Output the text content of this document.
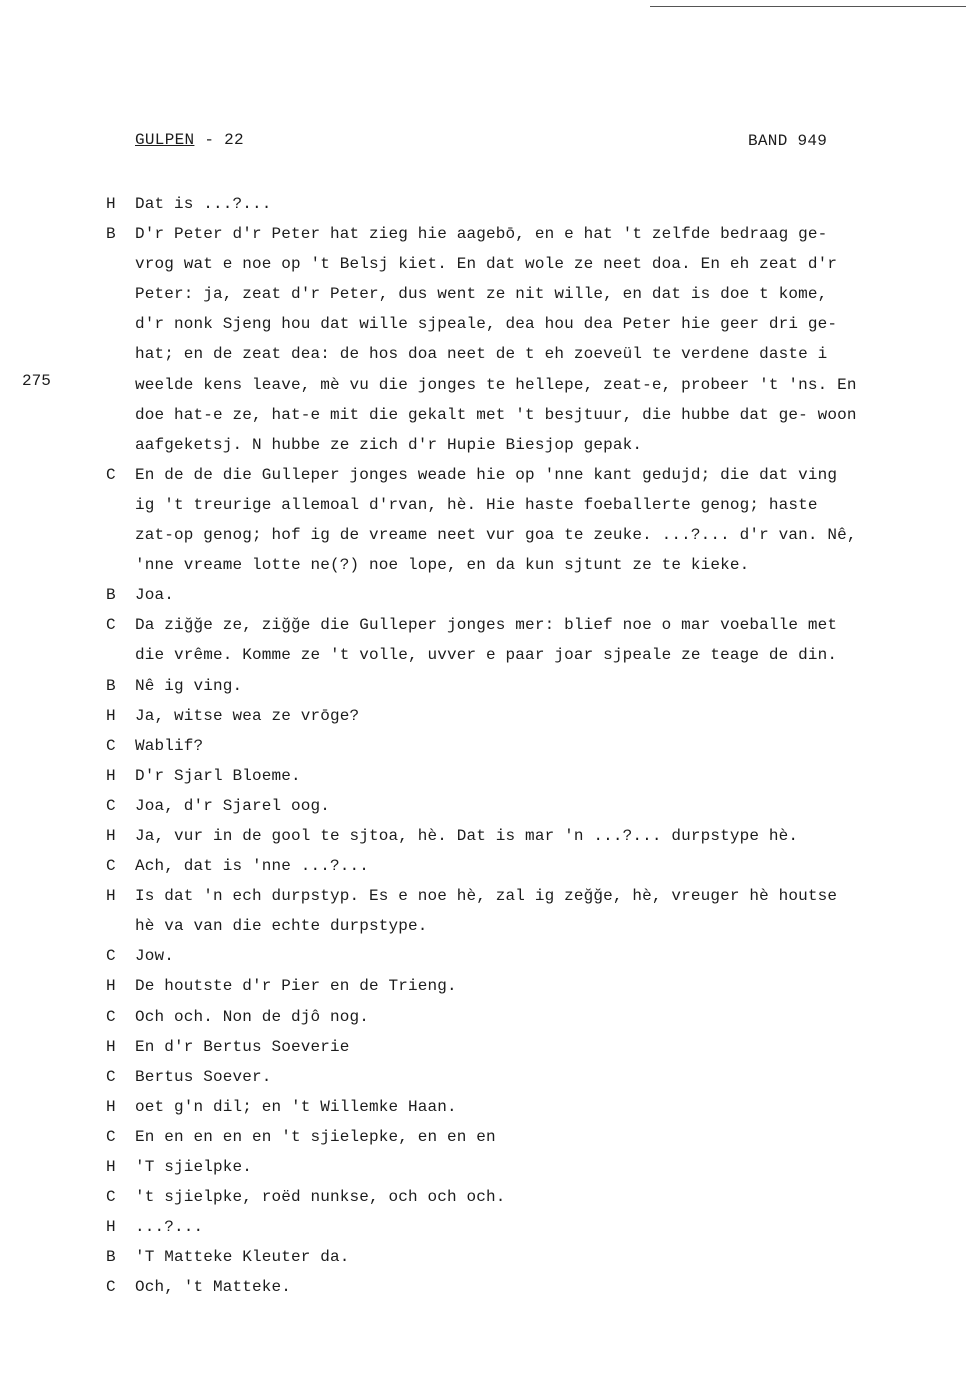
GULPEN - 22	BAND 949
275
H	Dat is ...?...
B	D'r Peter d'r Peter hat zieg hie aagebō, en e hat 't zelfde bedraag ge- vrog wat e noe op 't Belsj kiet. En dat wole ze neet doa. En eh zeat d'r Peter: ja, zeat d'r Peter, dus went ze nit wille, en dat is doe t kome, d'r nonk Sjeng hou dat wille sjpeale, dea hou dea Peter hie geer dri ge- hat; en de zeat dea: de hos doa neet de t eh zoeveül te verdene daste i weelde kens leave, mè vu die jonges te hellepe, zeat-e, probeer 't 'ns. En doe hat-e ze, hat-e mit die gekalt met 't besjtuur, die hubbe dat ge- woon aafgeketsj. N hubbe ze zich d'r Hupie Biesjop gepak.
C	En de de die Gulleper jonges weade hie op 'nne kant gedujd; die dat ving ig 't treurige allemoal d'rvan, hè. Hie haste foeballerte genog; haste zat-op genog; hof ig de vreame neet vur goa te zeuke. ...?... d'r van. Nê, 'nne vreame lotte ne(?) noe lope, en da kun sjtunt ze te kieke.
B	Joa.
C	Da ziğğe ze, ziğğe die Gulleper jonges mer: blief noe o mar voeballe met die vrême. Komme ze 't volle, uvver e paar joar sjpeale ze teage de din.
B	Nê ig ving.
H	Ja, witse wea ze vrōge?
C	Wablif?
H	D'r Sjarl Bloeme.
C	Joa, d'r Sjarel oog.
H	Ja, vur in de gool te sjtoa, hè. Dat is mar 'n ...?... durpstype hè.
C	Ach, dat is 'nne ...?...
H	Is dat 'n ech durpstyp. Es e noe hè, zal ig zeğğe, hè, vreuger hè houtse hè va van die echte durpstype.
C	Jow.
H	De houtste d'r Pier en de Trieng.
C	Och och. Non de djô nog.
H	En d'r Bertus Soeverie
C	Bertus Soever.
H	oet g'n dil; en 't Willemke Haan.
C	En en en en en 't sjielepke, en en en
H	'T sjielpke.
C	't sjielpke, roëd nunkse, och och och.
H	...?...
B	'T Matteke Kleuter da.
C	Och, 't Matteke.
